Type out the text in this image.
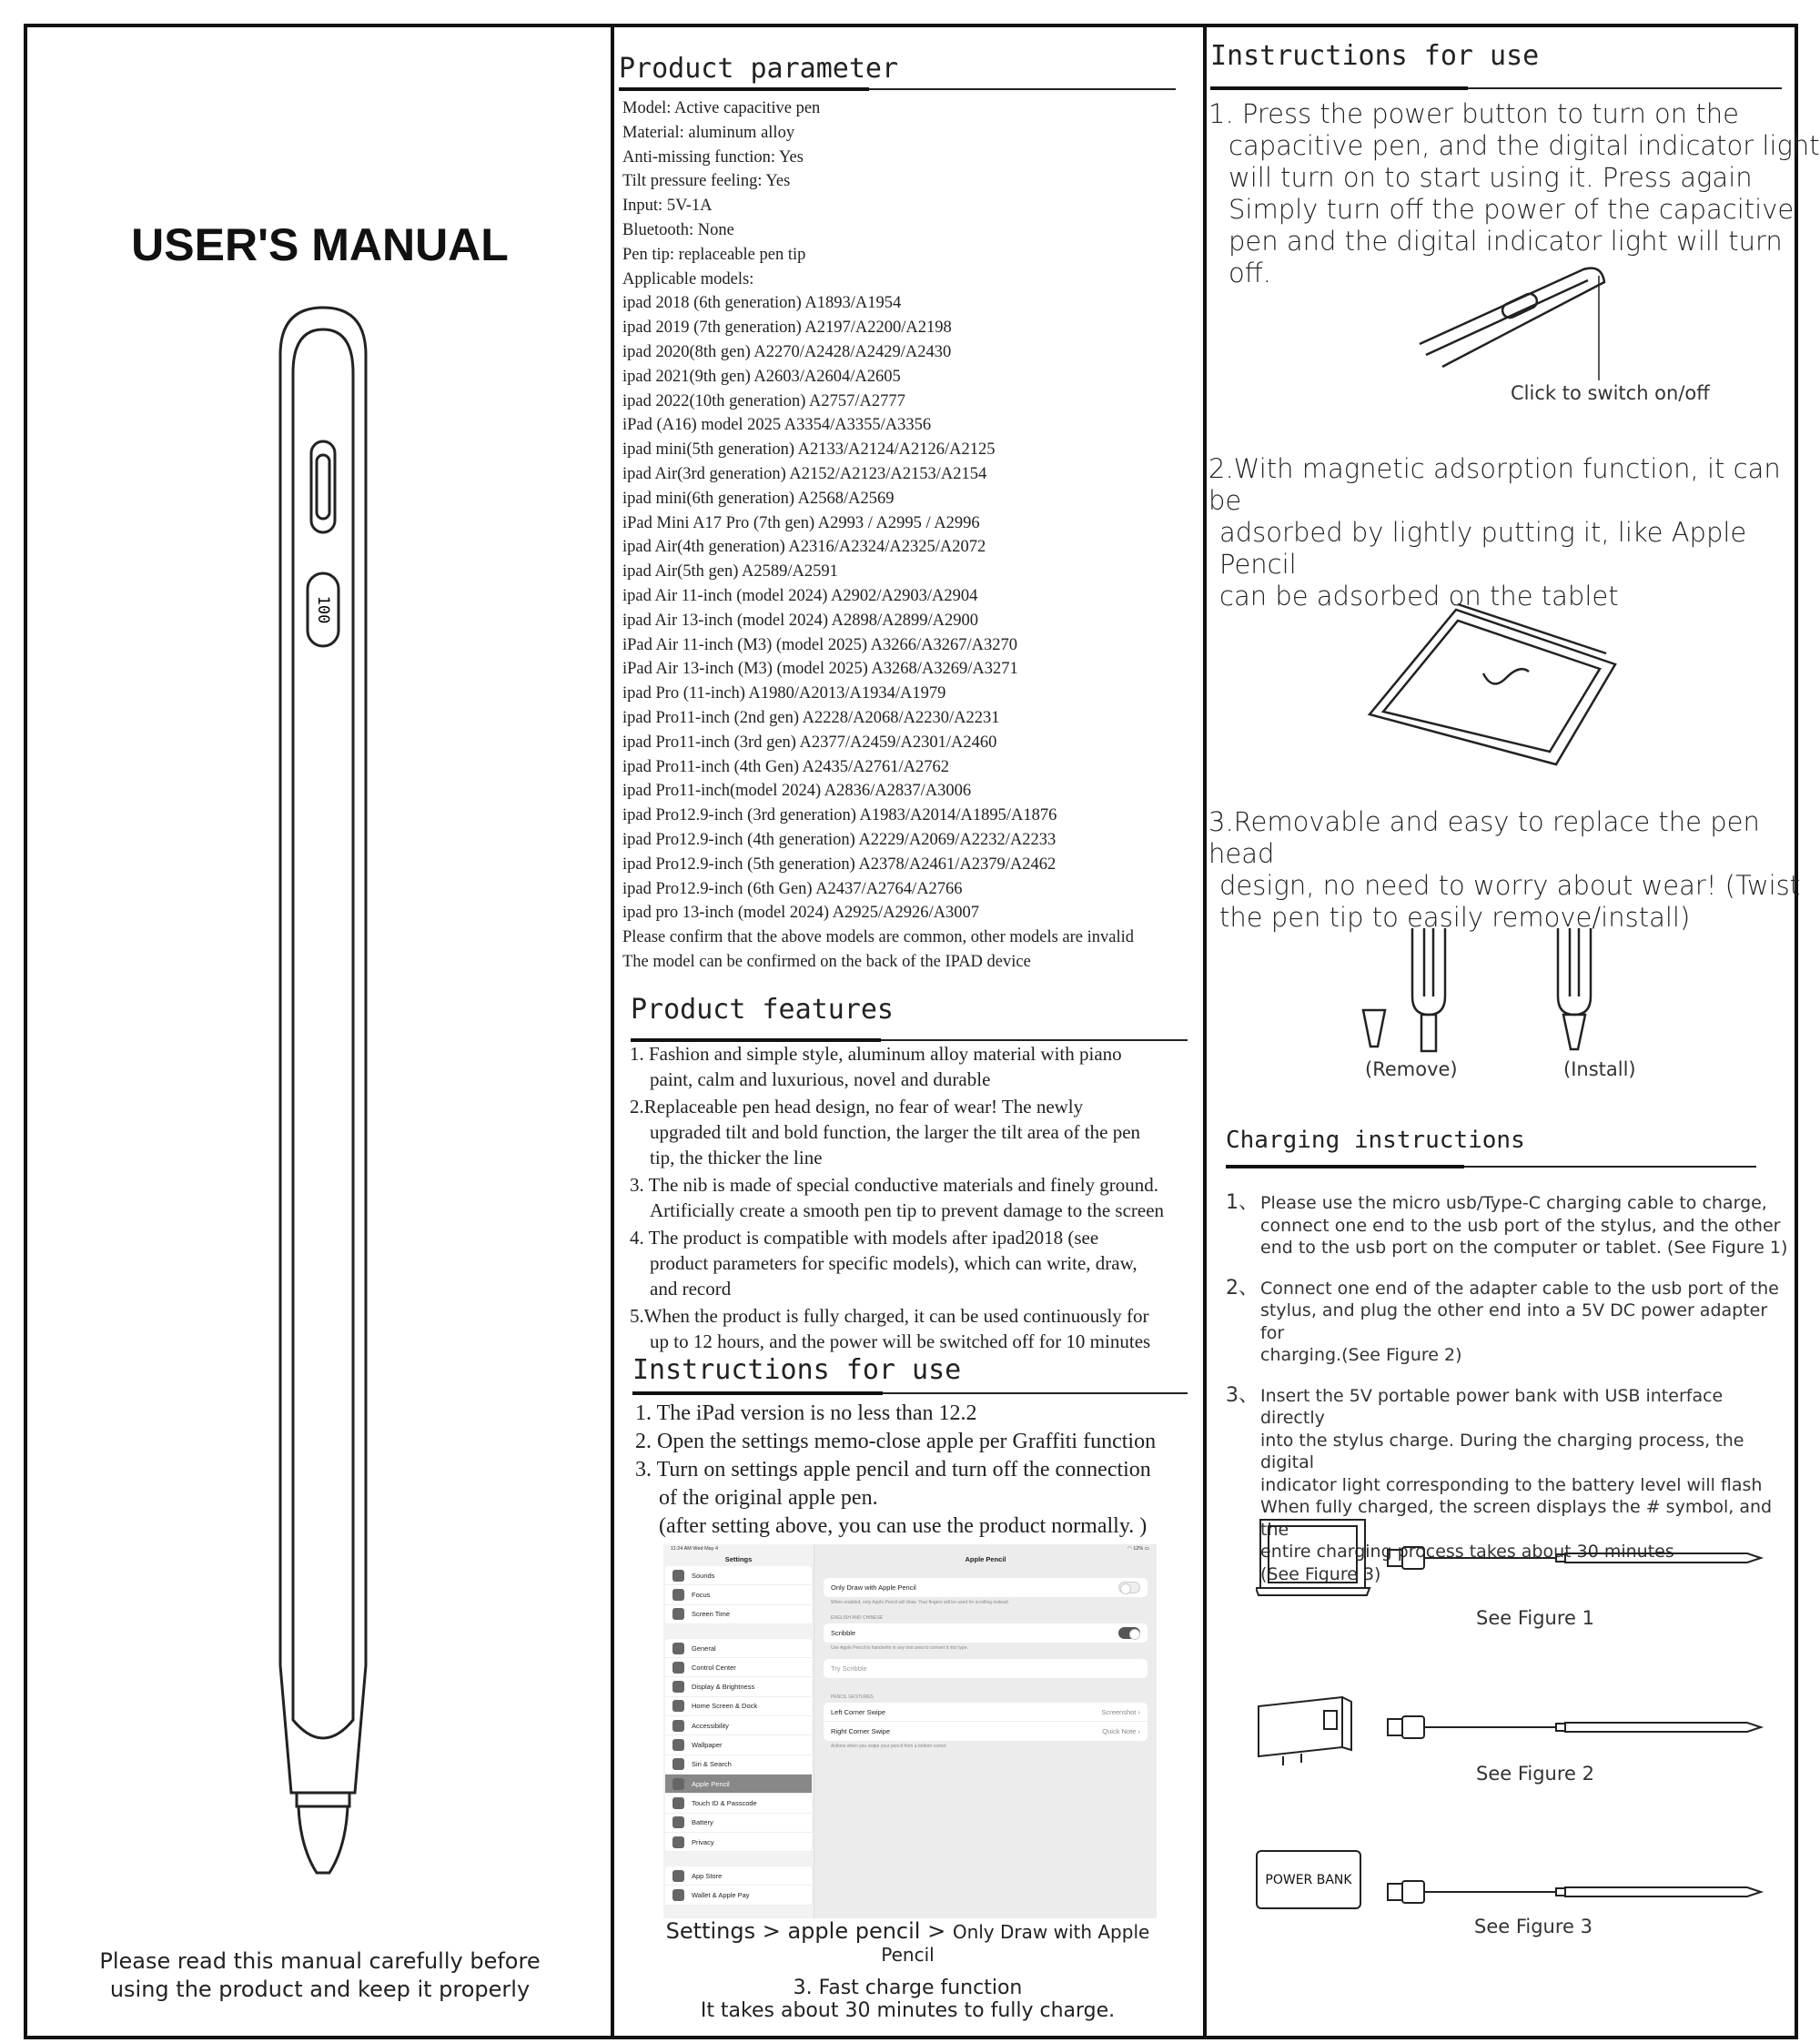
USER'S MANUAL
100
Please read this manual carefully before
using the product and keep it properly
Product parameter
Model: Active capacitive pen
Material: aluminum alloy
Anti-missing function: Yes
Tilt pressure feeling: Yes
Input: 5V-1A
Bluetooth: None
Pen tip: replaceable pen tip
Applicable models:
ipad 2018 (6th generation) A1893/A1954
ipad 2019 (7th generation) A2197/A2200/A2198
ipad 2020(8th gen) A2270/A2428/A2429/A2430
ipad 2021(9th gen) A2603/A2604/A2605
ipad 2022(10th generation) A2757/A2777
iPad (A16) model 2025 A3354/A3355/A3356
ipad mini(5th generation) A2133/A2124/A2126/A2125
ipad Air(3rd generation) A2152/A2123/A2153/A2154
ipad mini(6th generation) A2568/A2569
iPad Mini A17 Pro (7th gen) A2993 / A2995 / A2996
ipad Air(4th generation) A2316/A2324/A2325/A2072
ipad Air(5th gen) A2589/A2591
ipad Air 11-inch (model 2024) A2902/A2903/A2904
ipad Air 13-inch (model 2024) A2898/A2899/A2900
iPad Air 11-inch (M3) (model 2025) A3266/A3267/A3270
iPad Air 13-inch (M3) (model 2025) A3268/A3269/A3271
ipad Pro (11-inch) A1980/A2013/A1934/A1979
ipad Pro11-inch (2nd gen) A2228/A2068/A2230/A2231
ipad Pro11-inch (3rd gen) A2377/A2459/A2301/A2460
ipad Pro11-inch (4th Gen) A2435/A2761/A2762
ipad Pro11-inch(model 2024) A2836/A2837/A3006
ipad Pro12.9-inch (3rd generation) A1983/A2014/A1895/A1876
ipad Pro12.9-inch (4th generation) A2229/A2069/A2232/A2233
ipad Pro12.9-inch (5th generation) A2378/A2461/A2379/A2462
ipad Pro12.9-inch (6th Gen) A2437/A2764/A2766
ipad pro 13-inch (model 2024) A2925/A2926/A3007
Please confirm that the above models are common, other models are invalid
The model can be confirmed on the back of the IPAD device
Product features
1. Fashion and simple style, aluminum alloy material with piano
paint, calm and luxurious, novel and durable
2.Replaceable pen head design, no fear of wear! The newly
upgraded tilt and bold function, the larger the tilt area of the pen
tip, the thicker the line
3. The nib is made of special conductive materials and finely ground.
Artificially create a smooth pen tip to prevent damage to the screen
4. The product is compatible with models after ipad2018 (see
product parameters for specific models), which can write, draw,
and record
5.When the product is fully charged, it can be used continuously for
up to 12 hours, and the power will be switched off for 10 minutes
Instructions for use
1. The iPad version is no less than 12.2
2. Open the settings memo-close apple per Graffiti function
3. Turn on settings apple pencil and turn off the connection
of the original apple pen.
(after setting above, you can use the product normally. )
11:24 AM Wed May 4	◠ 12% ▭
Settings
Sounds
Focus
Screen Time
General
Control Center
Display & Brightness
Home Screen & Dock
Accessibility
Wallpaper
Siri & Search
Apple Pencil
Touch ID & Passcode
Battery
Privacy
App Store
Wallet & Apple Pay
Apple Pencil
Only Draw with Apple Pencil
When enabled, only Apple Pencil will draw. Your fingers will be used for scrolling instead.
ENGLISH AND CHINESE
Scribble
Use Apple Pencil to handwrite in any text area to convert it into type.
Try Scribble
PENCIL GESTURES
Left Corner Swipe	Screenshot ›
Right Corner Swipe	Quick Note ›
Actions when you swipe your pencil from a bottom corner.
Settings > apple pencil > Only Draw with Apple
Pencil
3. Fast charge function
It takes about 30 minutes to fully charge.
Instructions for use
1. Press the power button to turn on the
capacitive pen, and the digital indicator light
will turn on to start using it. Press again
Simply turn off the power of the capacitive
pen and the digital indicator light will turn off.
Click to switch on/off
2.With magnetic adsorption function, it can be
adsorbed by lightly putting it, like Apple Pencil
can be adsorbed on the tablet
3.Removable and easy to replace the pen head
design, no need to worry about wear! (Twist
the pen tip to easily remove/install)
(Remove)	(Install)
Charging instructions
1、 Please use the micro usb/Type-C charging cable to charge,
connect one end to the usb port of the stylus, and the other
end to the usb port on the computer or tablet. (See Figure 1)
2、 Connect one end of the adapter cable to the usb port of the
stylus, and plug the other end into a 5V DC power adapter for
charging.(See Figure 2)
3、 Insert the 5V portable power bank with USB interface directly
into the stylus charge. During the charging process, the digital
indicator light corresponding to the battery level will flash
When fully charged, the screen displays the # symbol, and the
entire charging process takes about 30 minutes
(See Figure 3)
See Figure 1
See Figure 2
POWER BANK
See Figure 3
